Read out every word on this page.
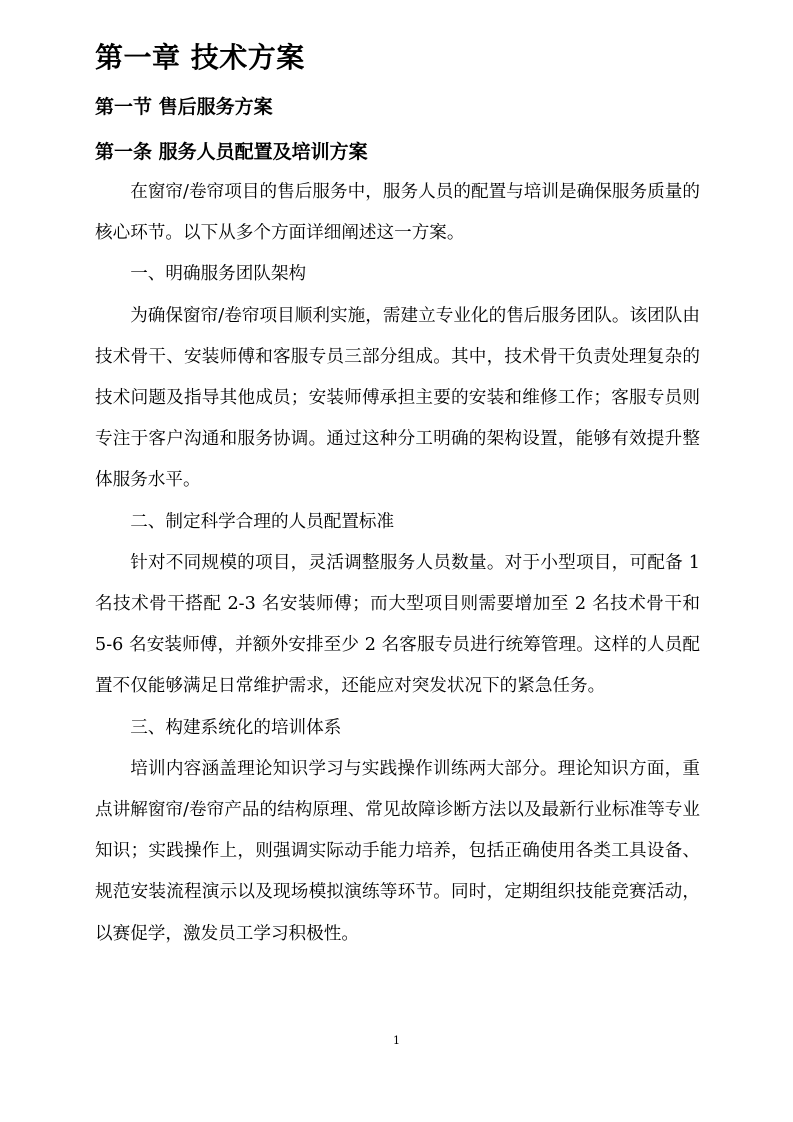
第一章 技术方案
第一节 售后服务方案
第一条 服务人员配置及培训方案

在窗帘/卷帘项目的售后服务中，服务人员的配置与培训是确保服务质量的核心环节。以下从多个方面详细阐述这一方案。

一、明确服务团队架构

为确保窗帘/卷帘项目顺利实施，需建立专业化的售后服务团队。该团队由技术骨干、安装师傅和客服专员三部分组成。其中，技术骨干负责处理复杂的技术问题及指导其他成员；安装师傅承担主要的安装和维修工作；客服专员则专注于客户沟通和服务协调。通过这种分工明确的架构设置，能够有效提升整体服务水平。

二、制定科学合理的人员配置标准

针对不同规模的项目，灵活调整服务人员数量。对于小型项目，可配备 1 名技术骨干搭配 2-3 名安装师傅；而大型项目则需要增加至 2 名技术骨干和 5-6 名安装师傅，并额外安排至少 2 名客服专员进行统筹管理。这样的人员配置不仅能够满足日常维护需求，还能应对突发状况下的紧急任务。

三、构建系统化的培训体系

培训内容涵盖理论知识学习与实践操作训练两大部分。理论知识方面，重点讲解窗帘/卷帘产品的结构原理、常见故障诊断方法以及最新行业标准等专业知识；实践操作上，则强调实际动手能力培养，包括正确使用各类工具设备、规范安装流程演示以及现场模拟演练等环节。同时，定期组织技能竞赛活动，以赛促学，激发员工学习积极性。

1
